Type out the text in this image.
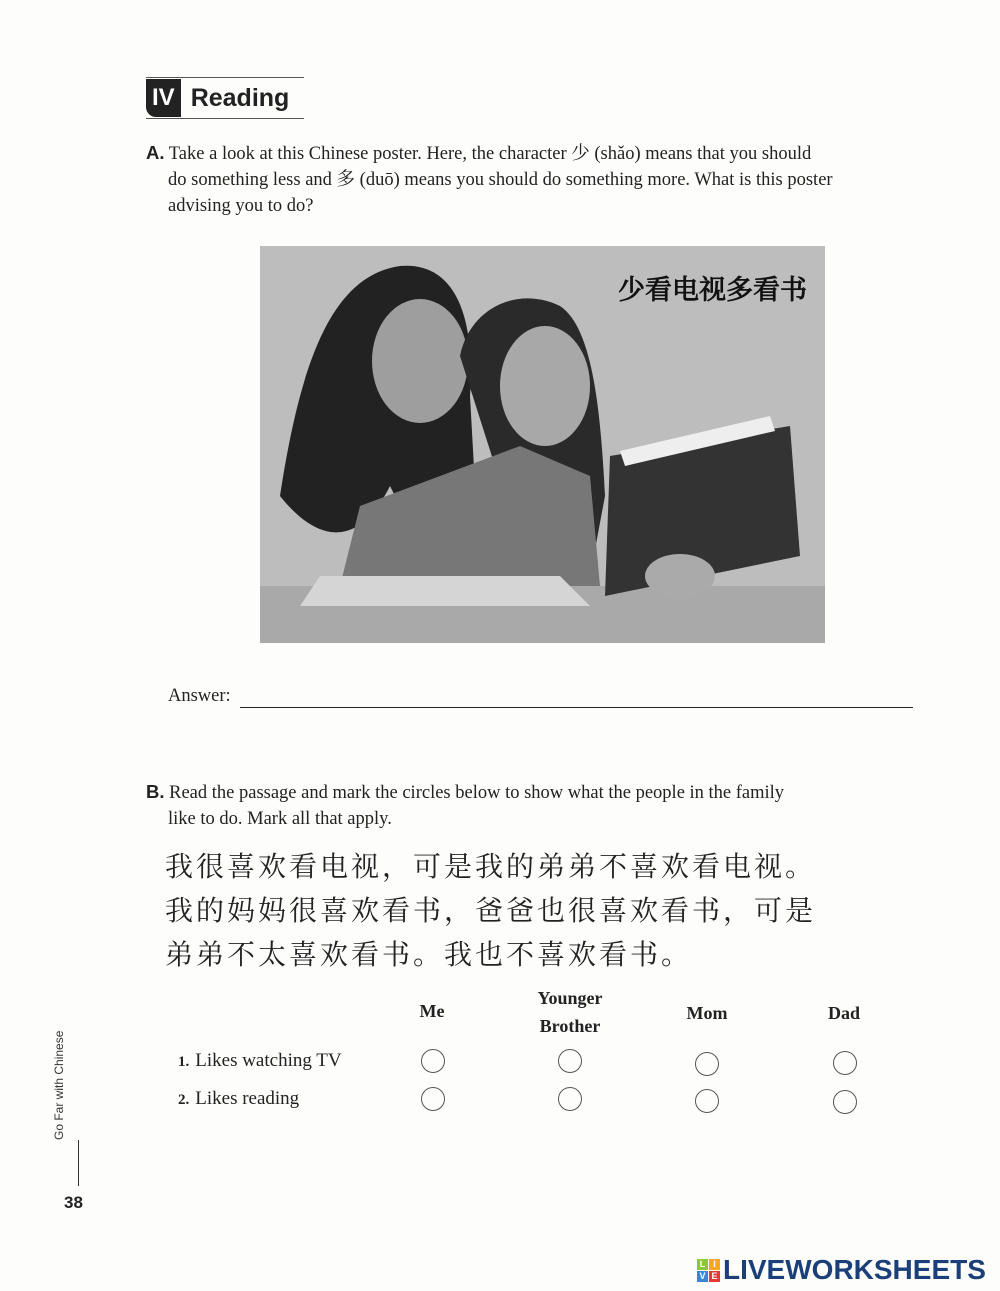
IV Reading
A. Take a look at this Chinese poster. Here, the character 少 (shǎo) means that you should
do something less and 多 (duō) means you should do something more. What is this poster
advising you to do?
少看电视多看书
Answer:
B. Read the passage and mark the circles below to show what the people in the family
like to do. Mark all that apply.
我很喜欢看电视，可是我的弟弟不喜欢看电视。
我的妈妈很喜欢看书，爸爸也很喜欢看书，可是
弟弟不太喜欢看书。我也不喜欢看书。
Me
Younger Brother
Mom	Dad
1. Likes watching TV
2. Likes reading
Go Far with Chinese
38
L I
V E LIVEWORKSHEETS
